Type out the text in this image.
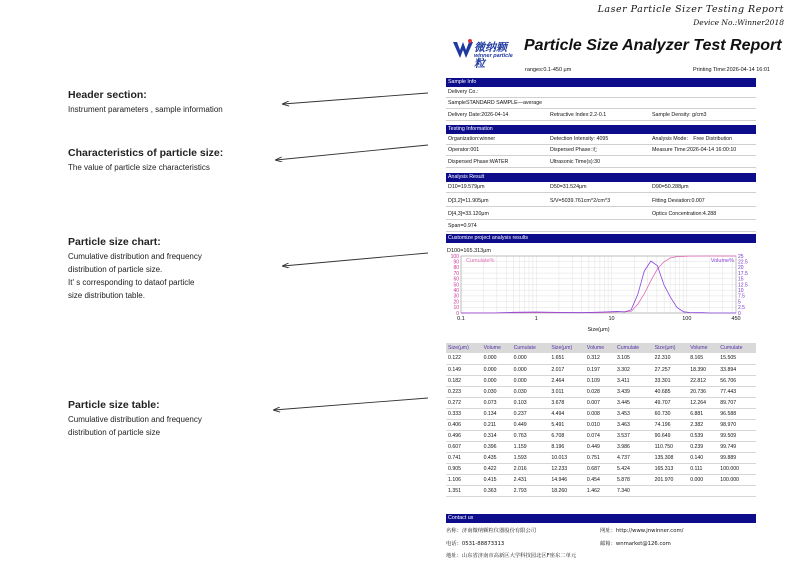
Laser Particle Sizer Testing Report
Device No.:Winner2018
微纳颗粒
winner particle
Particle Size Analyzer Test Report
ranges:0.1-450 μm	Printing Time:2026-04-14 16:01
Header section:
Instrument parameters , sample information
Characteristics of particle size:
The value of particle size characteristics
Particle size chart:
Cumulative distribution and frequency
distribution of particle size.
It' s corresponding to dataof particle
size distribution table.
Particle size table:
Cumulative distribution and frequency
distribution of particle size
Sample Info
Delivery Co.:
SampleSTANDARD SAMPLE—average
Delivery Date:2026-04-14	Retractive Index:2.2-0.1	Sample Density: g/cm3
Testing Information
Organization:winner	Detection Intensity: 4095	Analysis Mode： Free Distribution
Operator:001	Dispersed Phase:无	Measure Time:2026-04-14 16:00:10
Dispersed Phase:WATER	Ultrasonic Time(s):30
Analysis Result
D10=19.579μm	D50=31.524μm	D90=50.288μm
D[3,2]=11.905μm	S/V=5039.761cm^2/cm^3	Fitting Deviation:0.007
D[4,3]=33.120μm	Optics Concentration:4.288
Span=0.974
Customize project analysis results
D100=165.313μm
0
10
20
30
40
50
60
70
80
90
100
0
2.5
5
7.5
10
12.5
15
17.5
20
22.5
25
0.1	1	10	100	450
Size(μm)
Cumulate%	Volume%
Size(μm)	Volume	Cumulate	Size(μm)	Volume	Cumulate	Size(μm)	Volume	Cumulate
0.122	0.000	0.000	1.651	0.312	3.105	22.310	8.165	15.505
0.149	0.000	0.000	2.017	0.197	3.302	27.257	18.390	33.894
0.182	0.000	0.000	2.464	0.109	3.411	33.301	22.812	56.706
0.223	0.030	0.030	3.011	0.028	3.439	40.685	20.736	77.443
0.272	0.073	0.103	3.678	0.007	3.445	49.707	12.264	89.707
0.333	0.134	0.237	4.494	0.008	3.453	60.730	6.881	96.588
0.406	0.211	0.449	5.491	0.010	3.463	74.196	2.382	98.970
0.496	0.314	0.763	6.708	0.074	3.537	90.649	0.539	99.509
0.607	0.396	1.159	8.196	0.449	3.986	110.750	0.239	99.749
0.741	0.435	1.593	10.013	0.751	4.737	135.308	0.140	99.889
0.905	0.422	2.016	12.233	0.687	5.424	165.313	0.111	100.000
1.106	0.415	2.431	14.946	0.454	5.878	201.970	0.000	100.000
1.351	0.363	2.793	18.260	1.462	7.340			
Contact us
名称：济南微纳颗粒仪器股份有限公司	网址：http://www.jnwinner.com/
电话：0531-88873313	邮箱：wnmarket@126.com
地址：山东省济南市高新区大学科技园北区F座东二单元
